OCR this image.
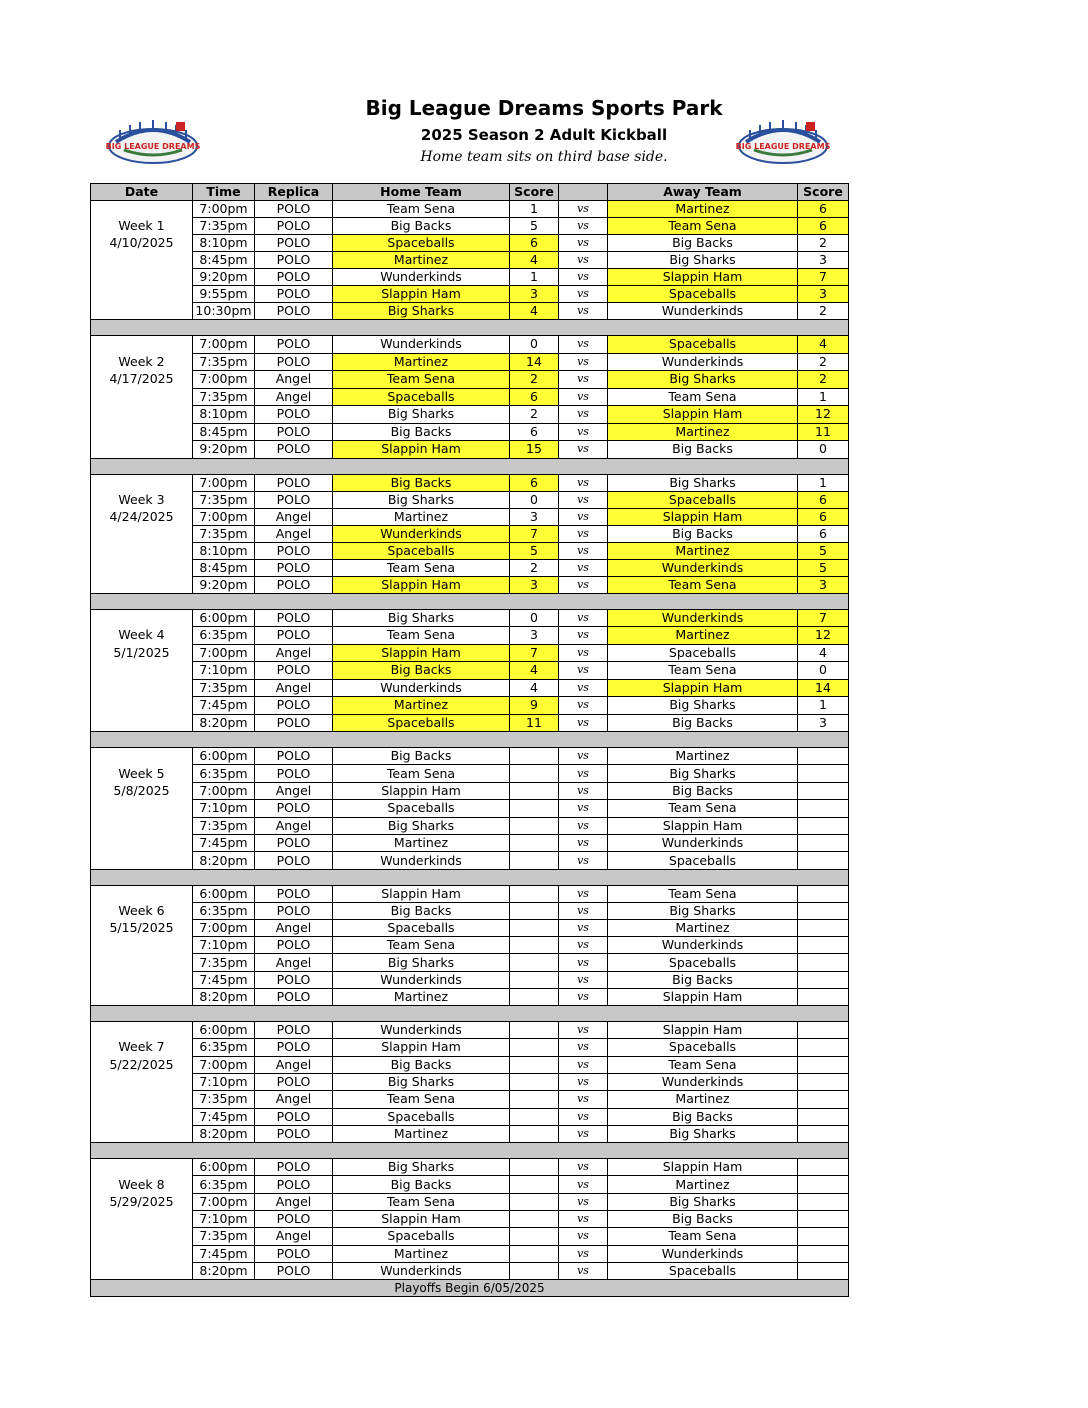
BIG LEAGUE DREAMS	BIG LEAGUE DREAMS
Big League Dreams Sports Park
2025 Season 2 Adult Kickball
Home team sits on third base side.
Date	Time	Replica	Home Team	Score		Away Team	Score
	7:00pm	POLO	Team Sena	1	vs	Martinez	6
Week 1	7:35pm	POLO	Big Backs	5	vs	Team Sena	6
4/10/2025	8:10pm	POLO	Spaceballs	6	vs	Big Backs	2
	8:45pm	POLO	Martinez	4	vs	Big Sharks	3
	9:20pm	POLO	Wunderkinds	1	vs	Slappin Ham	7
	9:55pm	POLO	Slappin Ham	3	vs	Spaceballs	3
	10:30pm	POLO	Big Sharks	4	vs	Wunderkinds	2

	7:00pm	POLO	Wunderkinds	0	vs	Spaceballs	4
Week 2	7:35pm	POLO	Martinez	14	vs	Wunderkinds	2
4/17/2025	7:00pm	Angel	Team Sena	2	vs	Big Sharks	2
	7:35pm	Angel	Spaceballs	6	vs	Team Sena	1
	8:10pm	POLO	Big Sharks	2	vs	Slappin Ham	12
	8:45pm	POLO	Big Backs	6	vs	Martinez	11
	9:20pm	POLO	Slappin Ham	15	vs	Big Backs	0

	7:00pm	POLO	Big Backs	6	vs	Big Sharks	1
Week 3	7:35pm	POLO	Big Sharks	0	vs	Spaceballs	6
4/24/2025	7:00pm	Angel	Martinez	3	vs	Slappin Ham	6
	7:35pm	Angel	Wunderkinds	7	vs	Big Backs	6
	8:10pm	POLO	Spaceballs	5	vs	Martinez	5
	8:45pm	POLO	Team Sena	2	vs	Wunderkinds	5
	9:20pm	POLO	Slappin Ham	3	vs	Team Sena	3

	6:00pm	POLO	Big Sharks	0	vs	Wunderkinds	7
Week 4	6:35pm	POLO	Team Sena	3	vs	Martinez	12
5/1/2025	7:00pm	Angel	Slappin Ham	7	vs	Spaceballs	4
	7:10pm	POLO	Big Backs	4	vs	Team Sena	0
	7:35pm	Angel	Wunderkinds	4	vs	Slappin Ham	14
	7:45pm	POLO	Martinez	9	vs	Big Sharks	1
	8:20pm	POLO	Spaceballs	11	vs	Big Backs	3

	6:00pm	POLO	Big Backs		vs	Martinez	
Week 5	6:35pm	POLO	Team Sena		vs	Big Sharks	
5/8/2025	7:00pm	Angel	Slappin Ham		vs	Big Backs	
	7:10pm	POLO	Spaceballs		vs	Team Sena	
	7:35pm	Angel	Big Sharks		vs	Slappin Ham	
	7:45pm	POLO	Martinez		vs	Wunderkinds	
	8:20pm	POLO	Wunderkinds		vs	Spaceballs	

	6:00pm	POLO	Slappin Ham		vs	Team Sena	
Week 6	6:35pm	POLO	Big Backs		vs	Big Sharks	
5/15/2025	7:00pm	Angel	Spaceballs		vs	Martinez	
	7:10pm	POLO	Team Sena		vs	Wunderkinds	
	7:35pm	Angel	Big Sharks		vs	Spaceballs	
	7:45pm	POLO	Wunderkinds		vs	Big Backs	
	8:20pm	POLO	Martinez		vs	Slappin Ham	

	6:00pm	POLO	Wunderkinds		vs	Slappin Ham	
Week 7	6:35pm	POLO	Slappin Ham		vs	Spaceballs	
5/22/2025	7:00pm	Angel	Big Backs		vs	Team Sena	
	7:10pm	POLO	Big Sharks		vs	Wunderkinds	
	7:35pm	Angel	Team Sena		vs	Martinez	
	7:45pm	POLO	Spaceballs		vs	Big Backs	
	8:20pm	POLO	Martinez		vs	Big Sharks	

	6:00pm	POLO	Big Sharks		vs	Slappin Ham	
Week 8	6:35pm	POLO	Big Backs		vs	Martinez	
5/29/2025	7:00pm	Angel	Team Sena		vs	Big Sharks	
	7:10pm	POLO	Slappin Ham		vs	Big Backs	
	7:35pm	Angel	Spaceballs		vs	Team Sena	
	7:45pm	POLO	Martinez		vs	Wunderkinds	
	8:20pm	POLO	Wunderkinds		vs	Spaceballs	
Playoffs Begin 6/05/2025							
